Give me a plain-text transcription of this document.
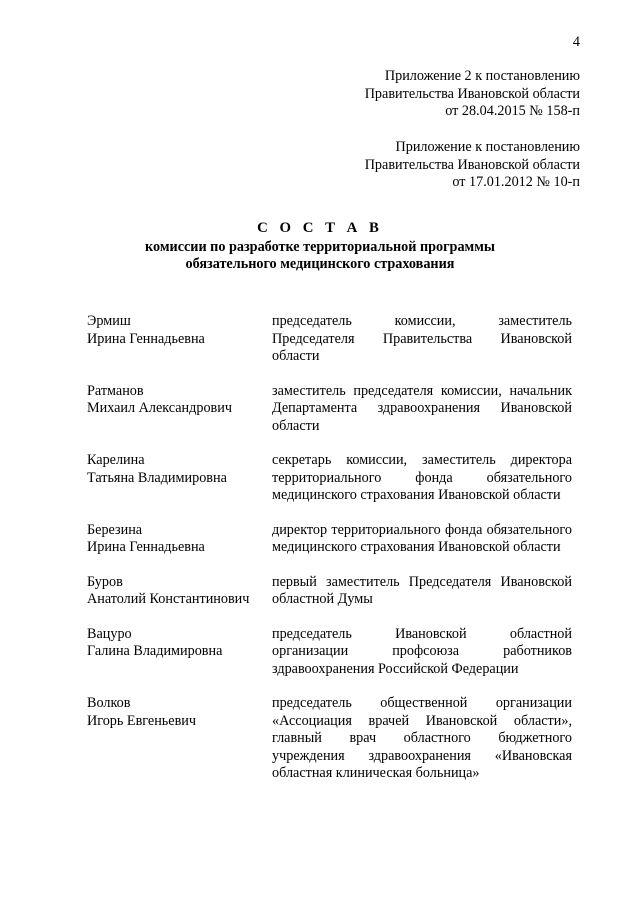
4
Приложение 2 к постановлению
Правительства Ивановской области
от 28.04.2015 № 158-п
Приложение к постановлению
Правительства Ивановской области
от 17.01.2012 № 10-п
С О С Т А В
комиссии по разработке территориальной программы
обязательного медицинского страхования
Эрмиш
Ирина Геннадьевна
председатель комиссии, заместитель Председателя Правительства Ивановской области
Ратманов
Михаил Александрович
заместитель председателя комиссии, начальник Департамента здравоохранения Ивановской области
Карелина
Татьяна Владимировна
секретарь комиссии, заместитель директора территориального фонда обязательного медицинского страхования Ивановской области
Березина
Ирина Геннадьевна
директор территориального фонда обязательного медицинского страхования Ивановской области
Буров
Анатолий Константинович
первый заместитель Председателя Ивановской областной Думы
Вацуро
Галина Владимировна
председатель Ивановской областной организации профсоюза работников здравоохранения Российской Федерации
Волков
Игорь Евгеньевич
председатель общественной организации «Ассоциация врачей Ивановской области», главный врач областного бюджетного учреждения здравоохранения «Ивановская областная клиническая больница»
